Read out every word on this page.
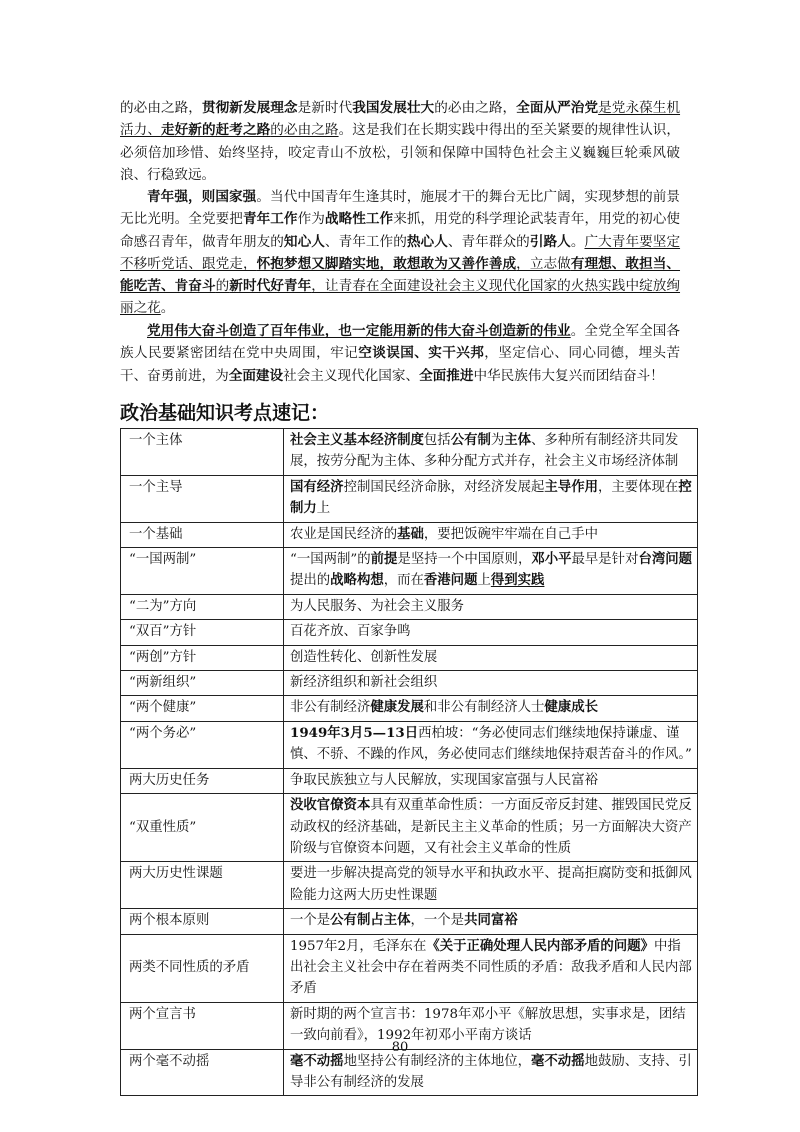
的必由之路，贯彻新发展理念是新时代我国发展壮大的必由之路，全面从严治党是党永葆生机活力、走好新的赶考之路的必由之路。这是我们在长期实践中得出的至关紧要的规律性认识，必须倍加珍惜、始终坚持，咬定青山不放松，引领和保障中国特色社会主义巍巍巨轮乘风破浪、行稳致远。

青年强，则国家强。当代中国青年生逢其时，施展才干的舞台无比广阔，实现梦想的前景无比光明。全党要把青年工作作为战略性工作来抓，用党的科学理论武装青年，用党的初心使命感召青年，做青年朋友的知心人、青年工作的热心人、青年群众的引路人。广大青年要坚定不移听党话、跟党走，怀抱梦想又脚踏实地，敢想敢为又善作善成，立志做有理想、敢担当、能吃苦、肯奋斗的新时代好青年，让青春在全面建设社会主义现代化国家的火热实践中绽放绚丽之花。

党用伟大奋斗创造了百年伟业，也一定能用新的伟大奋斗创造新的伟业。全党全军全国各族人民要紧密团结在党中央周围，牢记空谈误国、实干兴邦，坚定信心、同心同德，埋头苦干、奋勇前进，为全面建设社会主义现代化国家、全面推进中华民族伟大复兴而团结奋斗！

政治基础知识考点速记：
一个主体	社会主义基本经济制度包括公有制为主体、多种所有制经济共同发展，按劳分配为主体、多种分配方式并存，社会主义市场经济体制
一个主导	国有经济控制国民经济命脉，对经济发展起主导作用，主要体现在控制力上
一个基础	农业是国民经济的基础，要把饭碗牢牢端在自己手中
“一国两制”	“一国两制”的前提是坚持一个中国原则，邓小平最早是针对台湾问题提出的战略构想，而在香港问题上得到实践
“二为”方向	为人民服务、为社会主义服务
“双百”方针	百花齐放、百家争鸣
“两创”方针	创造性转化、创新性发展
“两新组织”	新经济组织和新社会组织
“两个健康”	非公有制经济健康发展和非公有制经济人士健康成长
“两个务必”	1949年3月5—13日西柏坡：“务必使同志们继续地保持谦虚、谨慎、不骄、不躁的作风，务必使同志们继续地保持艰苦奋斗的作风。”
两大历史任务	争取民族独立与人民解放，实现国家富强与人民富裕
“双重性质”	没收官僚资本具有双重革命性质：一方面反帝反封建、摧毁国民党反动政权的经济基础，是新民主主义革命的性质；另一方面解决大资产阶级与官僚资本问题，又有社会主义革命的性质
两大历史性课题	要进一步解决提高党的领导水平和执政水平、提高拒腐防变和抵御风险能力这两大历史性课题
两个根本原则	一个是公有制占主体，一个是共同富裕
两类不同性质的矛盾	1957年2月，毛泽东在《关于正确处理人民内部矛盾的问题》中指出社会主义社会中存在着两类不同性质的矛盾：敌我矛盾和人民内部矛盾
两个宣言书	新时期的两个宣言书：1978年邓小平《解放思想，实事求是，团结一致向前看》，1992年初邓小平南方谈话
两个毫不动摇	毫不动摇地坚持公有制经济的主体地位，毫不动摇地鼓励、支持、引导非公有制经济的发展
80
